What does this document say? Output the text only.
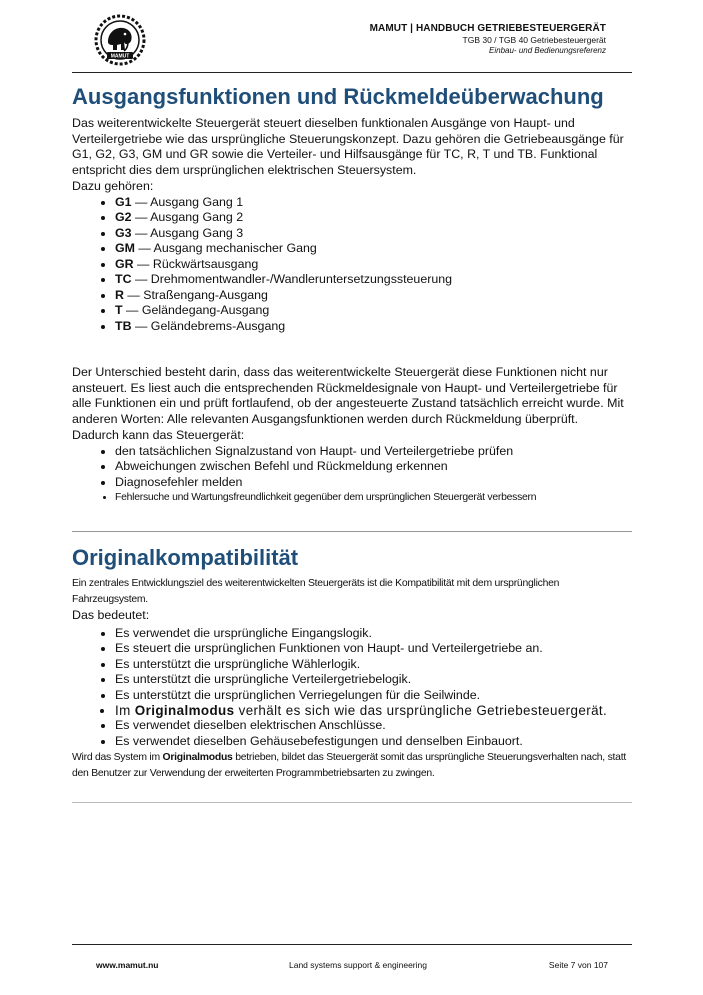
MAMUT
MAMUT | HANDBUCH GETRIEBESTEUERGERÄT
TGB 30 / TGB 40 Getriebesteuergerät
Einbau- und Bedienungsreferenz
Ausgangsfunktionen und Rückmeldeüberwachung

Das weiterentwickelte Steuergerät steuert dieselben funktionalen Ausgänge von Haupt- und Verteilergetriebe wie das ursprüngliche Steuerungskonzept. Dazu gehören die Getriebeausgänge für G1, G2, G3, GM und GR sowie die Verteiler- und Hilfsausgänge für TC, R, T und TB. Funktional entspricht dies dem ursprünglichen elektrischen Steuersystem.

Dazu gehören:

• G1 — Ausgang Gang 1
• G2 — Ausgang Gang 2
• G3 — Ausgang Gang 3
• GM — Ausgang mechanischer Gang
• GR — Rückwärtsausgang
• TC — Drehmomentwandler-/Wandleruntersetzungssteuerung
• R — Straßengang-Ausgang
• T — Geländegang-Ausgang
• TB — Geländebrems-Ausgang

Der Unterschied besteht darin, dass das weiterentwickelte Steuergerät diese Funktionen nicht nur ansteuert. Es liest auch die entsprechenden Rückmeldesignale von Haupt- und Verteilergetriebe für alle Funktionen ein und prüft fortlaufend, ob der angesteuerte Zustand tatsächlich erreicht wurde. Mit anderen Worten: Alle relevanten Ausgangsfunktionen werden durch Rückmeldung überprüft.

Dadurch kann das Steuergerät:

• den tatsächlichen Signalzustand von Haupt- und Verteilergetriebe prüfen
• Abweichungen zwischen Befehl und Rückmeldung erkennen
• Diagnosefehler melden
• Fehlersuche und Wartungsfreundlichkeit gegenüber dem ursprünglichen Steuergerät verbessern
Originalkompatibilität

Ein zentrales Entwicklungsziel des weiterentwickelten Steuergeräts ist die Kompatibilität mit dem ursprünglichen Fahrzeugsystem.

Das bedeutet:

• Es verwendet die ursprüngliche Eingangslogik.
• Es steuert die ursprünglichen Funktionen von Haupt- und Verteilergetriebe an.
• Es unterstützt die ursprüngliche Wählerlogik.
• Es unterstützt die ursprüngliche Verteilergetriebelogik.
• Es unterstützt die ursprünglichen Verriegelungen für die Seilwinde.
• Im Originalmodus verhält es sich wie das ursprüngliche Getriebesteuergerät.
• Es verwendet dieselben elektrischen Anschlüsse.
• Es verwendet dieselben Gehäusebefestigungen und denselben Einbauort.

Wird das System im Originalmodus betrieben, bildet das Steuergerät somit das ursprüngliche Steuerungsverhalten nach, statt den Benutzer zur Verwendung der erweiterten Programmbetriebsarten zu zwingen.

www.mamut.nu	Land systems support & engineering	Seite 7 von 107
